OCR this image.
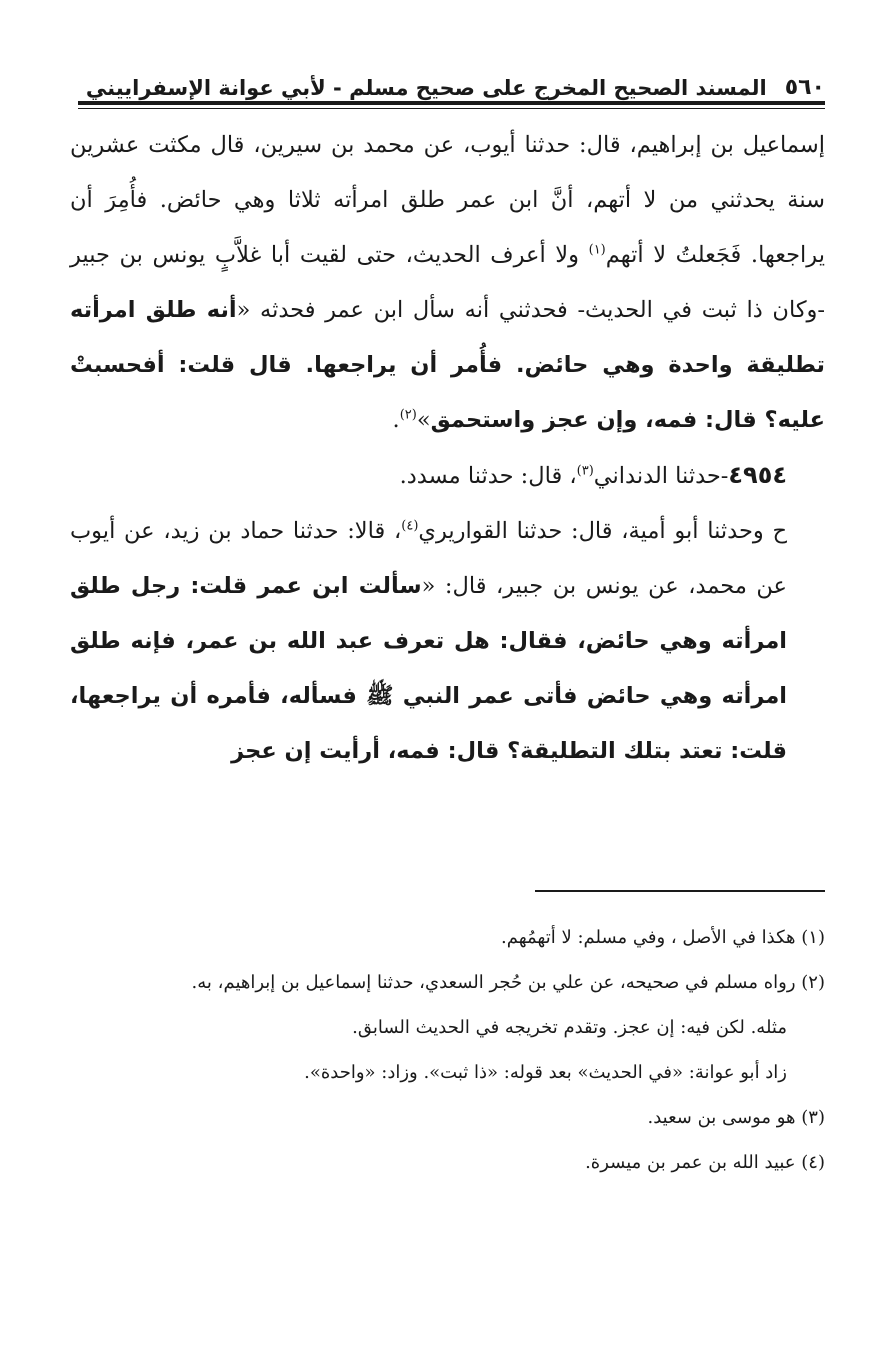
٥٦٠
المسند الصحيح المخرج على صحيح مسلم - لأبي عوانة الإسفراييني

إسماعيل بن إبراهيم، قال: حدثنا أيوب، عن محمد بن سيرين، قال مكثت عشرين سنة يحدثني من لا أتهم، أنَّ ابن عمر طلق امرأته ثلاثا وهي حائض. فأُمِرَ أن يراجعها. فَجَعلتُ لا أتهم$^{(١)}$ ولا أعرف الحديث، حتى لقيت أبا غلاَّبٍ يونس بن جبير -وكان ذا ثبت في الحديث- فحدثني أنه سأل ابن عمر فحدثه «أنه طلق امرأته تطليقة واحدة وهي حائض. فأُمر أن يراجعها. قال قلت: أفحسبتْ عليه؟ قال: فمه، وإن عجز واستحمق»$^{(٢)}$.

٤٩٥٤-حدثنا الدنداني$^{(٣)}$، قال: حدثنا مسدد.

ح وحدثنا أبو أمية، قال: حدثنا القواريري$^{(٤)}$، قالا: حدثنا حماد بن زيد، عن أيوب عن محمد، عن يونس بن جبير، قال: «سألت ابن عمر قلت: رجل طلق امرأته وهي حائض، فقال: هل تعرف عبد الله بن عمر، فإنه طلق امرأته وهي حائض فأتى عمر النبي ﷺ فسأله، فأمره أن يراجعها، قلت: تعتد بتلك التطليقة؟ قال: فمه، أرأيت إن عجز

(١) هكذا في الأصل ، وفي مسلم: لا أتهمُهم.
(٢) رواه مسلم في صحيحه، عن علي بن حُجر السعدي، حدثنا إسماعيل بن إبراهيم، به.
مثله. لكن فيه: إن عجز. وتقدم تخريجه في الحديث السابق.
زاد أبو عوانة: «في الحديث» بعد قوله: «ذا ثبت». وزاد: «واحدة».
(٣) هو موسى بن سعيد.
(٤) عبيد الله بن عمر بن ميسرة.
